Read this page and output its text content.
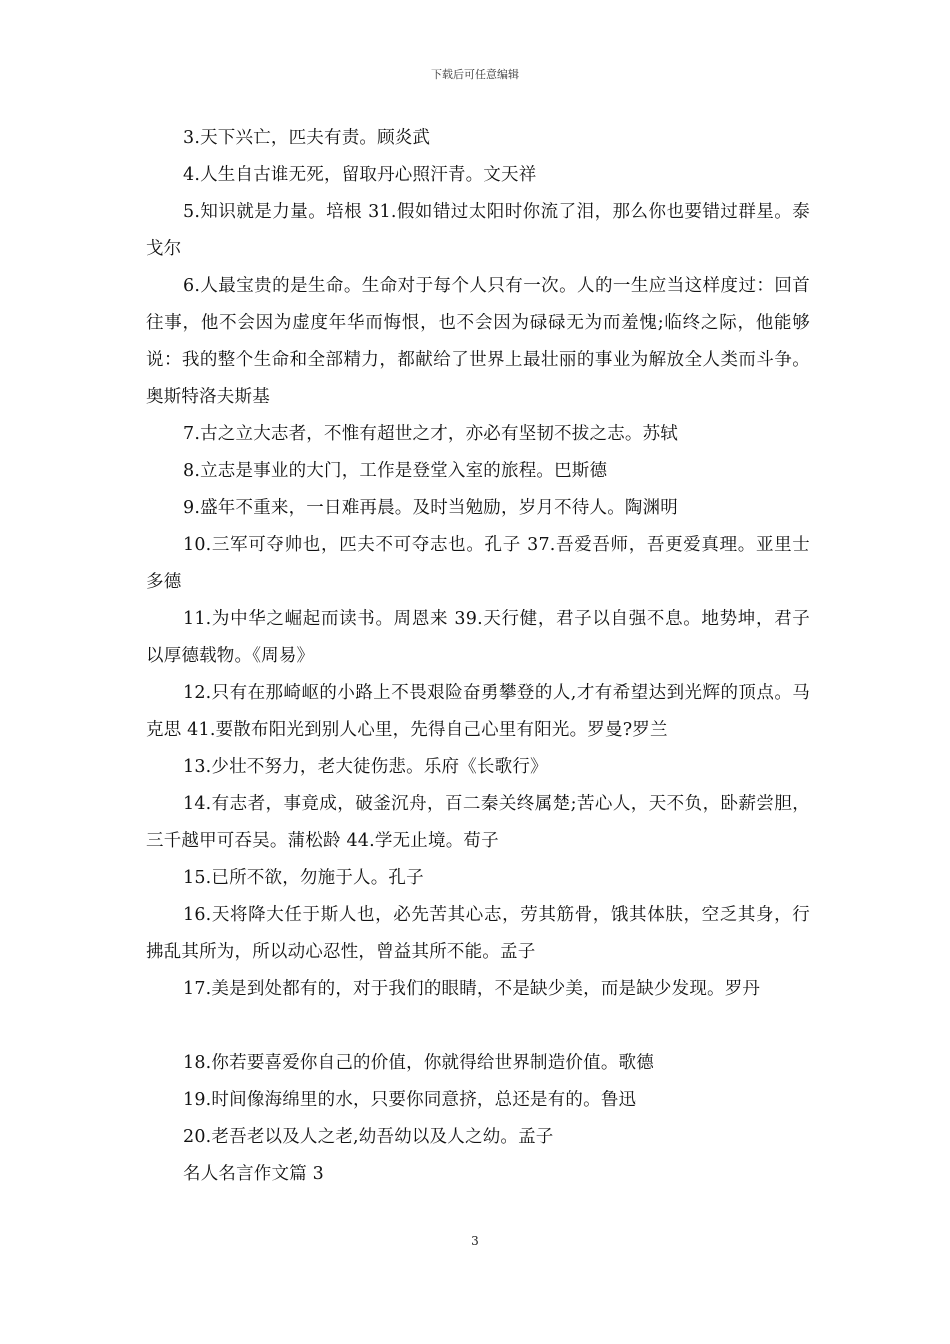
下载后可任意编辑

3.天下兴亡，匹夫有责。顾炎武

4.人生自古谁无死，留取丹心照汗青。文天祥

5.知识就是力量。培根 31.假如错过太阳时你流了泪，那么你也要错过群星。泰戈尔

6.人最宝贵的是生命。生命对于每个人只有一次。人的一生应当这样度过：回首往事，他不会因为虚度年华而悔恨，也不会因为碌碌无为而羞愧;临终之际，他能够说：我的整个生命和全部精力，都献给了世界上最壮丽的事业为解放全人类而斗争。奥斯特洛夫斯基

7.古之立大志者，不惟有超世之才，亦必有坚韧不拔之志。苏轼

8.立志是事业的大门，工作是登堂入室的旅程。巴斯德

9.盛年不重来，一日难再晨。及时当勉励，岁月不待人。陶渊明

10.三军可夺帅也，匹夫不可夺志也。孔子 37.吾爱吾师，吾更爱真理。亚里士多德

11.为中华之崛起而读书。周恩来 39.天行健，君子以自强不息。地势坤，君子以厚德载物。《周易》

12.只有在那崎岖的小路上不畏艰险奋勇攀登的人,才有希望达到光辉的顶点。马克思 41.要散布阳光到别人心里，先得自己心里有阳光。罗曼?罗兰

13.少壮不努力，老大徒伤悲。乐府《长歌行》

14.有志者，事竟成，破釜沉舟，百二秦关终属楚;苦心人，天不负，卧薪尝胆，三千越甲可吞吴。蒲松龄 44.学无止境。荀子

15.已所不欲，勿施于人。孔子

16.天将降大任于斯人也，必先苦其心志，劳其筋骨，饿其体肤，空乏其身，行拂乱其所为，所以动心忍性，曾益其所不能。孟子

17.美是到处都有的，对于我们的眼睛，不是缺少美，而是缺少发现。罗丹

18.你若要喜爱你自己的价值，你就得给世界制造价值。歌德

19.时间像海绵里的水，只要你同意挤，总还是有的。鲁迅

20.老吾老以及人之老,幼吾幼以及人之幼。孟子

名人名言作文篇 3

3
